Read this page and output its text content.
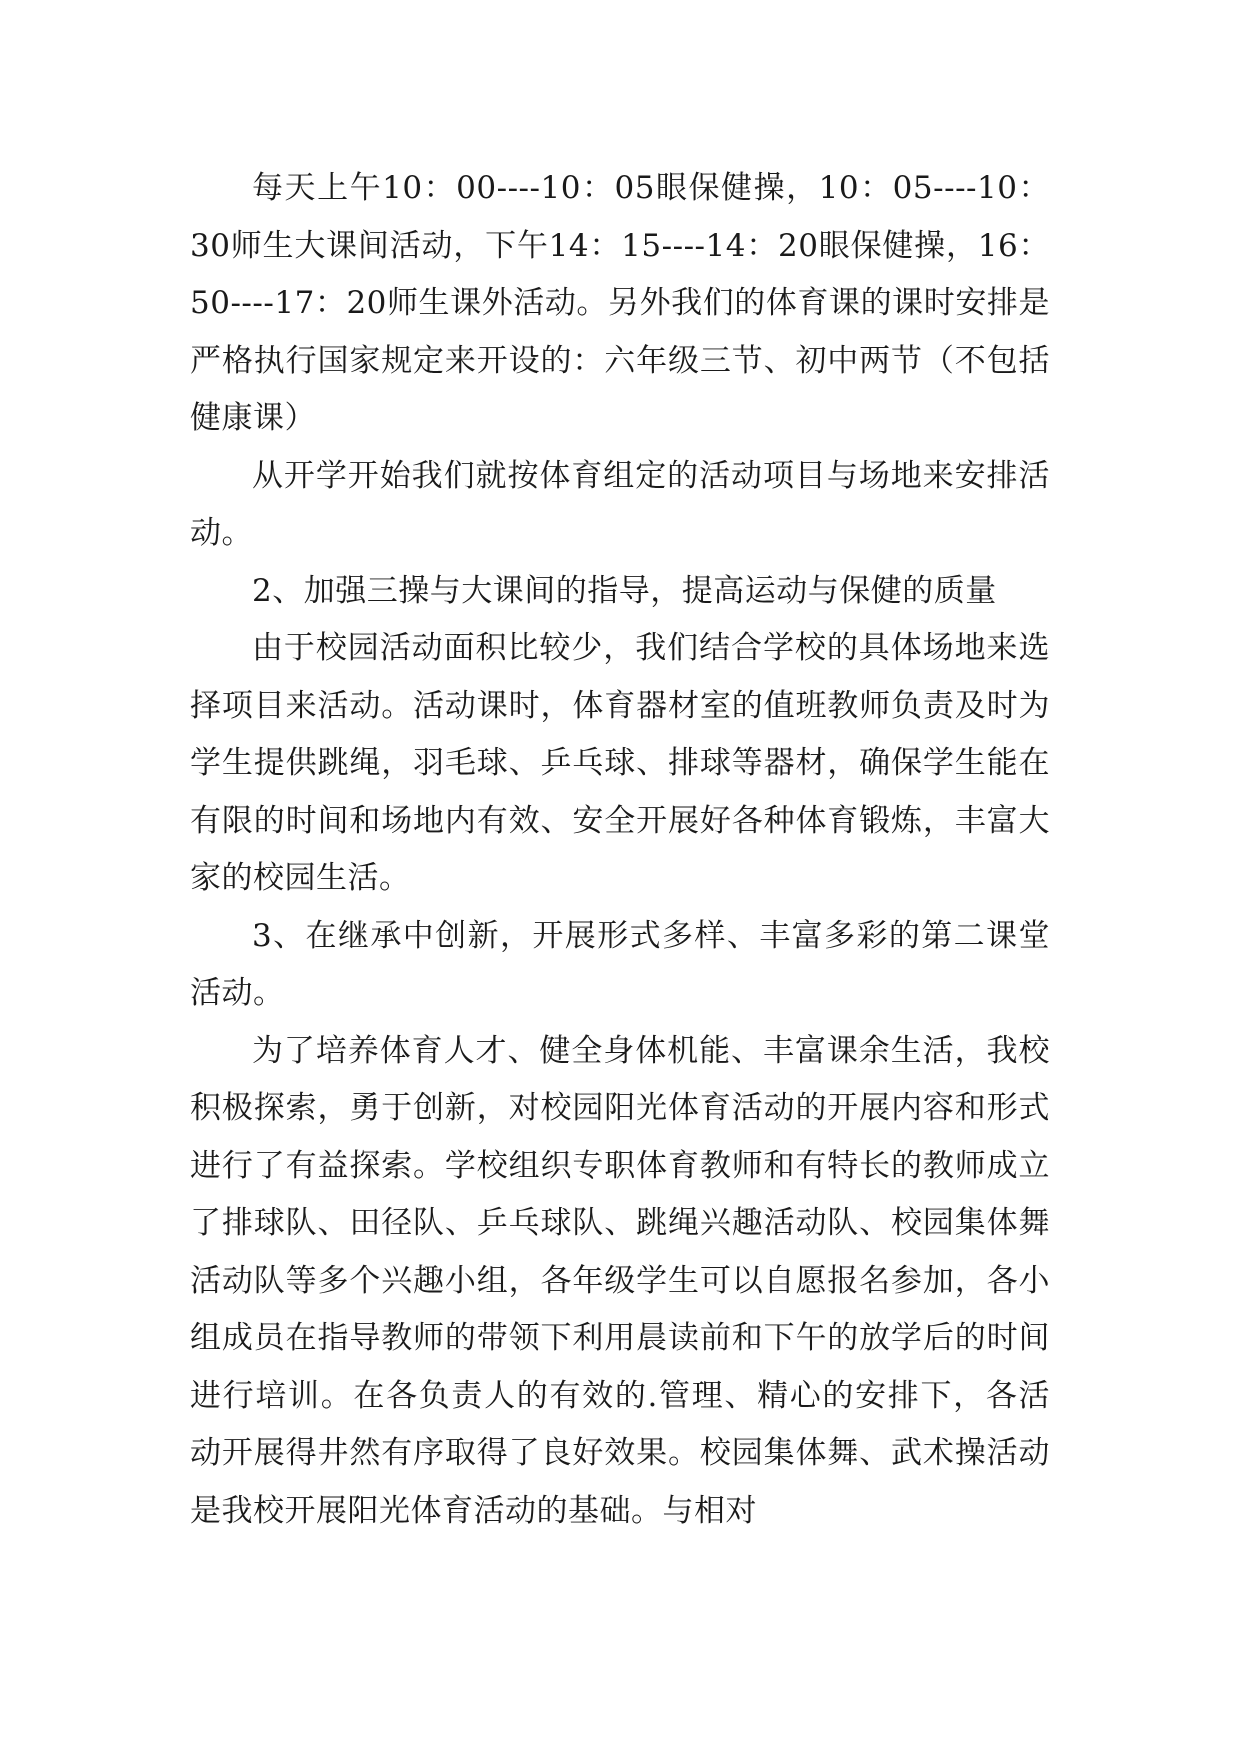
每天上午10：00----10：05眼保健操，10：05----10：30师生大课间活动，下午14：15----14：20眼保健操，16：50----17：20师生课外活动。另外我们的体育课的课时安排是严格执行国家规定来开设的：六年级三节、初中两节（不包括健康课）

从开学开始我们就按体育组定的活动项目与场地来安排活动。

2、加强三操与大课间的指导，提高运动与保健的质量

由于校园活动面积比较少，我们结合学校的具体场地来选择项目来活动。活动课时，体育器材室的值班教师负责及时为学生提供跳绳，羽毛球、乒乓球、排球等器材，确保学生能在有限的时间和场地内有效、安全开展好各种体育锻炼，丰富大家的校园生活。

3、在继承中创新，开展形式多样、丰富多彩的第二课堂活动。

为了培养体育人才、健全身体机能、丰富课余生活，我校积极探索，勇于创新，对校园阳光体育活动的开展内容和形式进行了有益探索。学校组织专职体育教师和有特长的教师成立了排球队、田径队、乒乓球队、跳绳兴趣活动队、校园集体舞活动队等多个兴趣小组，各年级学生可以自愿报名参加，各小组成员在指导教师的带领下利用晨读前和下午的放学后的时间进行培训。在各负责人的有效的.管理、精心的安排下，各活动开展得井然有序取得了良好效果。校园集体舞、武术操活动是我校开展阳光体育活动的基础。与相对
